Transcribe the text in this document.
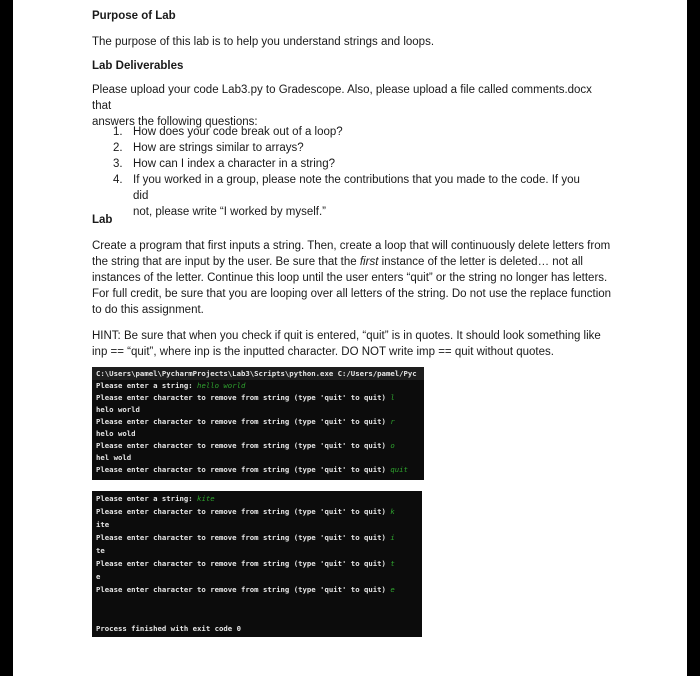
Purpose of Lab
The purpose of this lab is to help you understand strings and loops.
Lab Deliverables
Please upload your code Lab3.py to Gradescope. Also, please upload a file called comments.docx that
answers the following questions:
1. How does your code break out of a loop?
2. How are strings similar to arrays?
3. How can I index a character in a string?
4. If you worked in a group, please note the contributions that you made to the code. If you did
not, please write “I worked by myself.”
Lab
Create a program that first inputs a string. Then, create a loop that will continuously delete letters from
the string that are input by the user. Be sure that the first instance of the letter is deleted… not all
instances of the letter. Continue this loop until the user enters “quit” or the string no longer has letters.
For full credit, be sure that you are looping over all letters of the string. Do not use the replace function
to do this assignment.
HINT: Be sure that when you check if quit is entered, “quit” is in quotes. It should look something like
inp == “quit”, where inp is the inputted character. DO NOT write imp == quit without quotes.

C:\Users\pamel\PycharmProjects\Lab3\Scripts\python.exe C:/Users/pamel/Pyc

Please enter a string: hello world

Please enter character to remove from string (type 'quit' to quit) l

helo world

Please enter character to remove from string (type 'quit' to quit) r

helo wold

Please enter character to remove from string (type 'quit' to quit) o

hel wold

Please enter character to remove from string (type 'quit' to quit) quit

Please enter a string: kite

Please enter character to remove from string (type 'quit' to quit) k

ite

Please enter character to remove from string (type 'quit' to quit) i

te

Please enter character to remove from string (type 'quit' to quit) t

e

Please enter character to remove from string (type 'quit' to quit) e

Process finished with exit code 0
